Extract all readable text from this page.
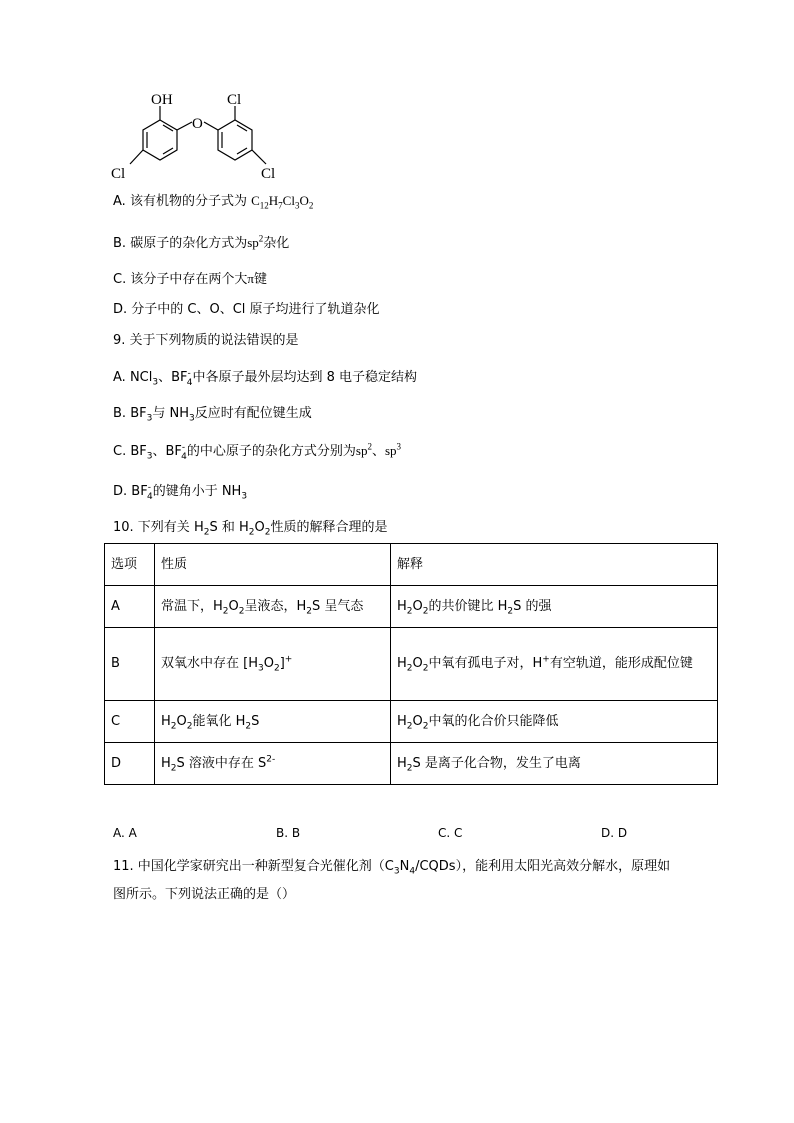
OH
O
Cl
Cl	Cl
A. 该有机物的分子式为 $C_{12}H_7Cl_3O_2$
B. 碳原子的杂化方式为$sp^2$杂化
C. 该分子中存在两个大π键
D. 分子中的 C、O、Cl 原子均进行了轨道杂化
9. 关于下列物质的说法错误的是
A. NCl$_3$、$BF^-_4$中各原子最外层均达到 8 电子稳定结构
B. $BF_3$与 $NH_3$反应时有配位键生成
C. $BF_3$、$BF^-_4$的中心原子的杂化方式分别为$sp^2$、$sp^3$
D. $BF^-_4$的键角小于 $NH_3$
10. 下列有关 $H_2S$ 和 $H_2O_2$性质的解释合理的是
选项	性质	解释
A	常温下，$H_2O_2$呈液态，$H_2S$ 呈气态	$H_2O_2$的共价键比 $H_2S$ 的强
B	双氧水中存在 $[H_3O_2]^+$	$H_2O_2$中氧有孤电子对，H+有空轨道，能形成配位键
C	$H_2O_2$能氧化 $H_2S$	$H_2O_2$中氧的化合价只能降低
D	$H_2S$ 溶液中存在 $S^{2-}$	$H_2S$ 是离子化合物，发生了电离
A. A	B. B	C. C	D. D
11. 中国化学家研究出一种新型复合光催化剂$(C_3N_4/CQDs)$，能利用太阳光高效分解水，原理如
图所示。下列说法正确的是（）
